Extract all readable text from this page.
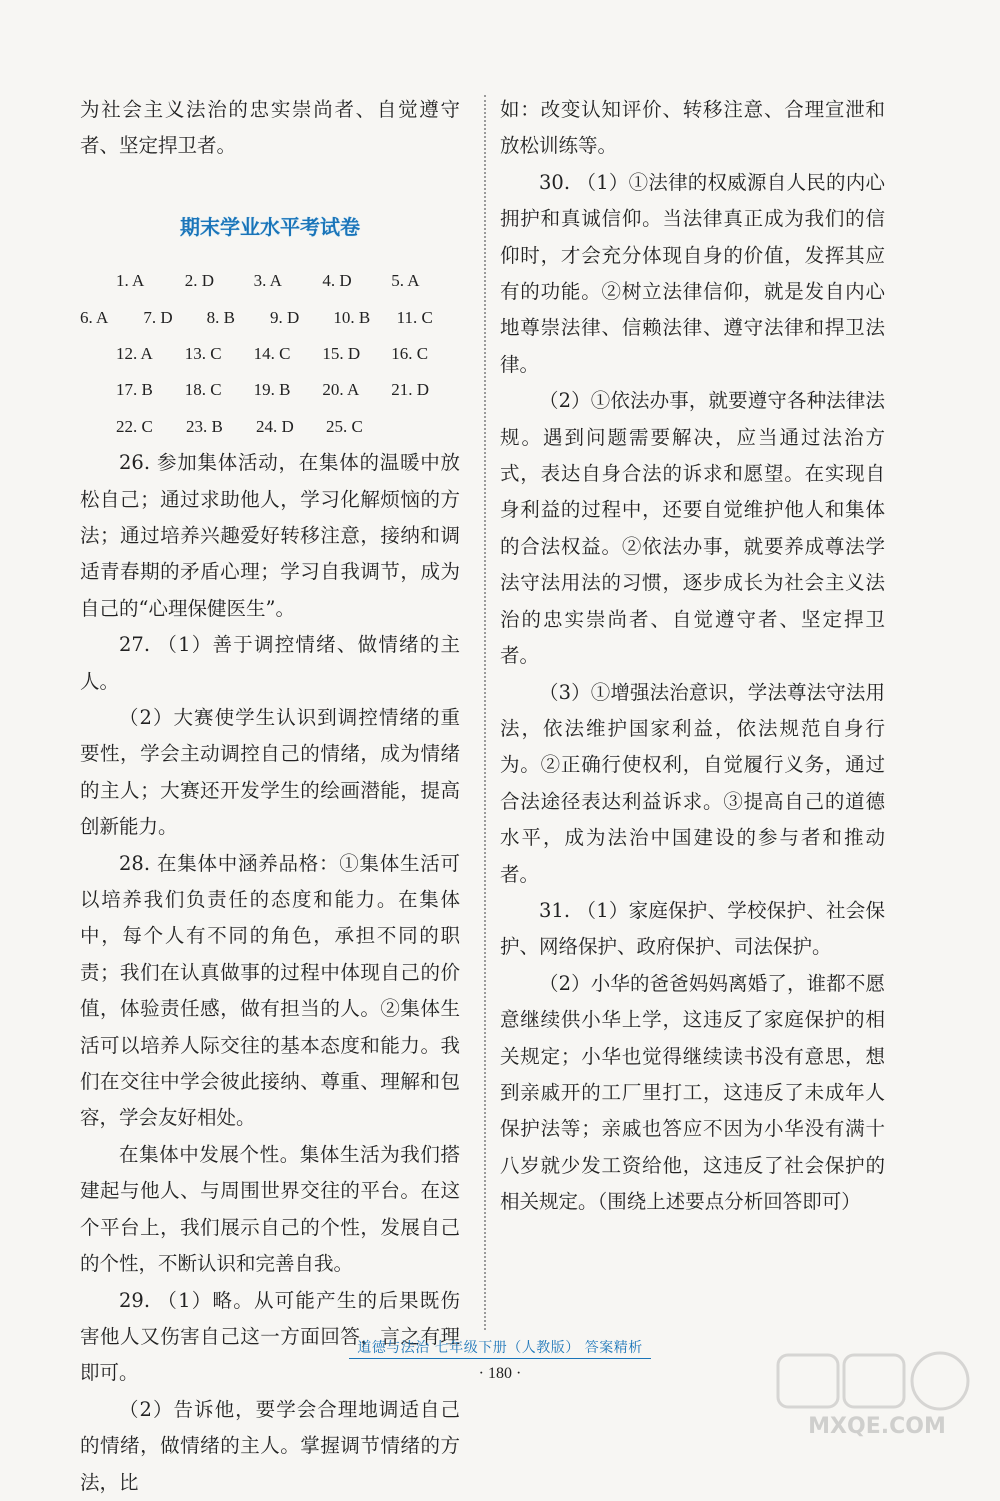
为社会主义法治的忠实崇尚者、自觉遵守者、坚定捍卫者。

期末学业水平考试卷
1. A	2. D	3. A	4. D	5. A
6. A	7. D	8. B	9. D	10. B	11. C
12. A	13. C	14. C	15. D	16. C
17. B	18. C	19. B	20. A	21. D
22. C	23. B	24. D	25. C

26. 参加集体活动，在集体的温暖中放松自己；通过求助他人，学习化解烦恼的方法；通过培养兴趣爱好转移注意，接纳和调适青春期的矛盾心理；学习自我调节，成为自己的“心理保健医生”。

27. （1）善于调控情绪、做情绪的主人。

（2）大赛使学生认识到调控情绪的重要性，学会主动调控自己的情绪，成为情绪的主人；大赛还开发学生的绘画潜能，提高创新能力。

28. 在集体中涵养品格：①集体生活可以培养我们负责任的态度和能力。在集体中，每个人有不同的角色，承担不同的职责；我们在认真做事的过程中体现自己的价值，体验责任感，做有担当的人。②集体生活可以培养人际交往的基本态度和能力。我们在交往中学会彼此接纳、尊重、理解和包容，学会友好相处。

在集体中发展个性。集体生活为我们搭建起与他人、与周围世界交往的平台。在这个平台上，我们展示自己的个性，发展自己的个性，不断认识和完善自我。

29. （1）略。从可能产生的后果既伤害他人又伤害自己这一方面回答，言之有理即可。

（2）告诉他，要学会合理地调适自己的情绪，做情绪的主人。掌握调节情绪的方法，比

如：改变认知评价、转移注意、合理宣泄和放松训练等。

30. （1）①法律的权威源自人民的内心拥护和真诚信仰。当法律真正成为我们的信仰时，才会充分体现自身的价值，发挥其应有的功能。②树立法律信仰，就是发自内心地尊崇法律、信赖法律、遵守法律和捍卫法律。

（2）①依法办事，就要遵守各种法律法规。遇到问题需要解决，应当通过法治方式，表达自身合法的诉求和愿望。在实现自身利益的过程中，还要自觉维护他人和集体的合法权益。②依法办事，就要养成尊法学法守法用法的习惯，逐步成长为社会主义法治的忠实崇尚者、自觉遵守者、坚定捍卫者。

（3）①增强法治意识，学法尊法守法用法，依法维护国家利益，依法规范自身行为。②正确行使权利，自觉履行义务，通过合法途径表达利益诉求。③提高自己的道德水平，成为法治中国建设的参与者和推动者。

31. （1）家庭保护、学校保护、社会保护、网络保护、政府保护、司法保护。

（2）小华的爸爸妈妈离婚了，谁都不愿意继续供小华上学，这违反了家庭保护的相关规定；小华也觉得继续读书没有意思，想到亲戚开的工厂里打工，这违反了未成年人保护法等；亲戚也答应不因为小华没有满十八岁就少发工资给他，这违反了社会保护的相关规定。（围绕上述要点分析回答即可）

道德与法治 七年级下册（人教版） 答案精析
· 180 ·
MXQE.COM
